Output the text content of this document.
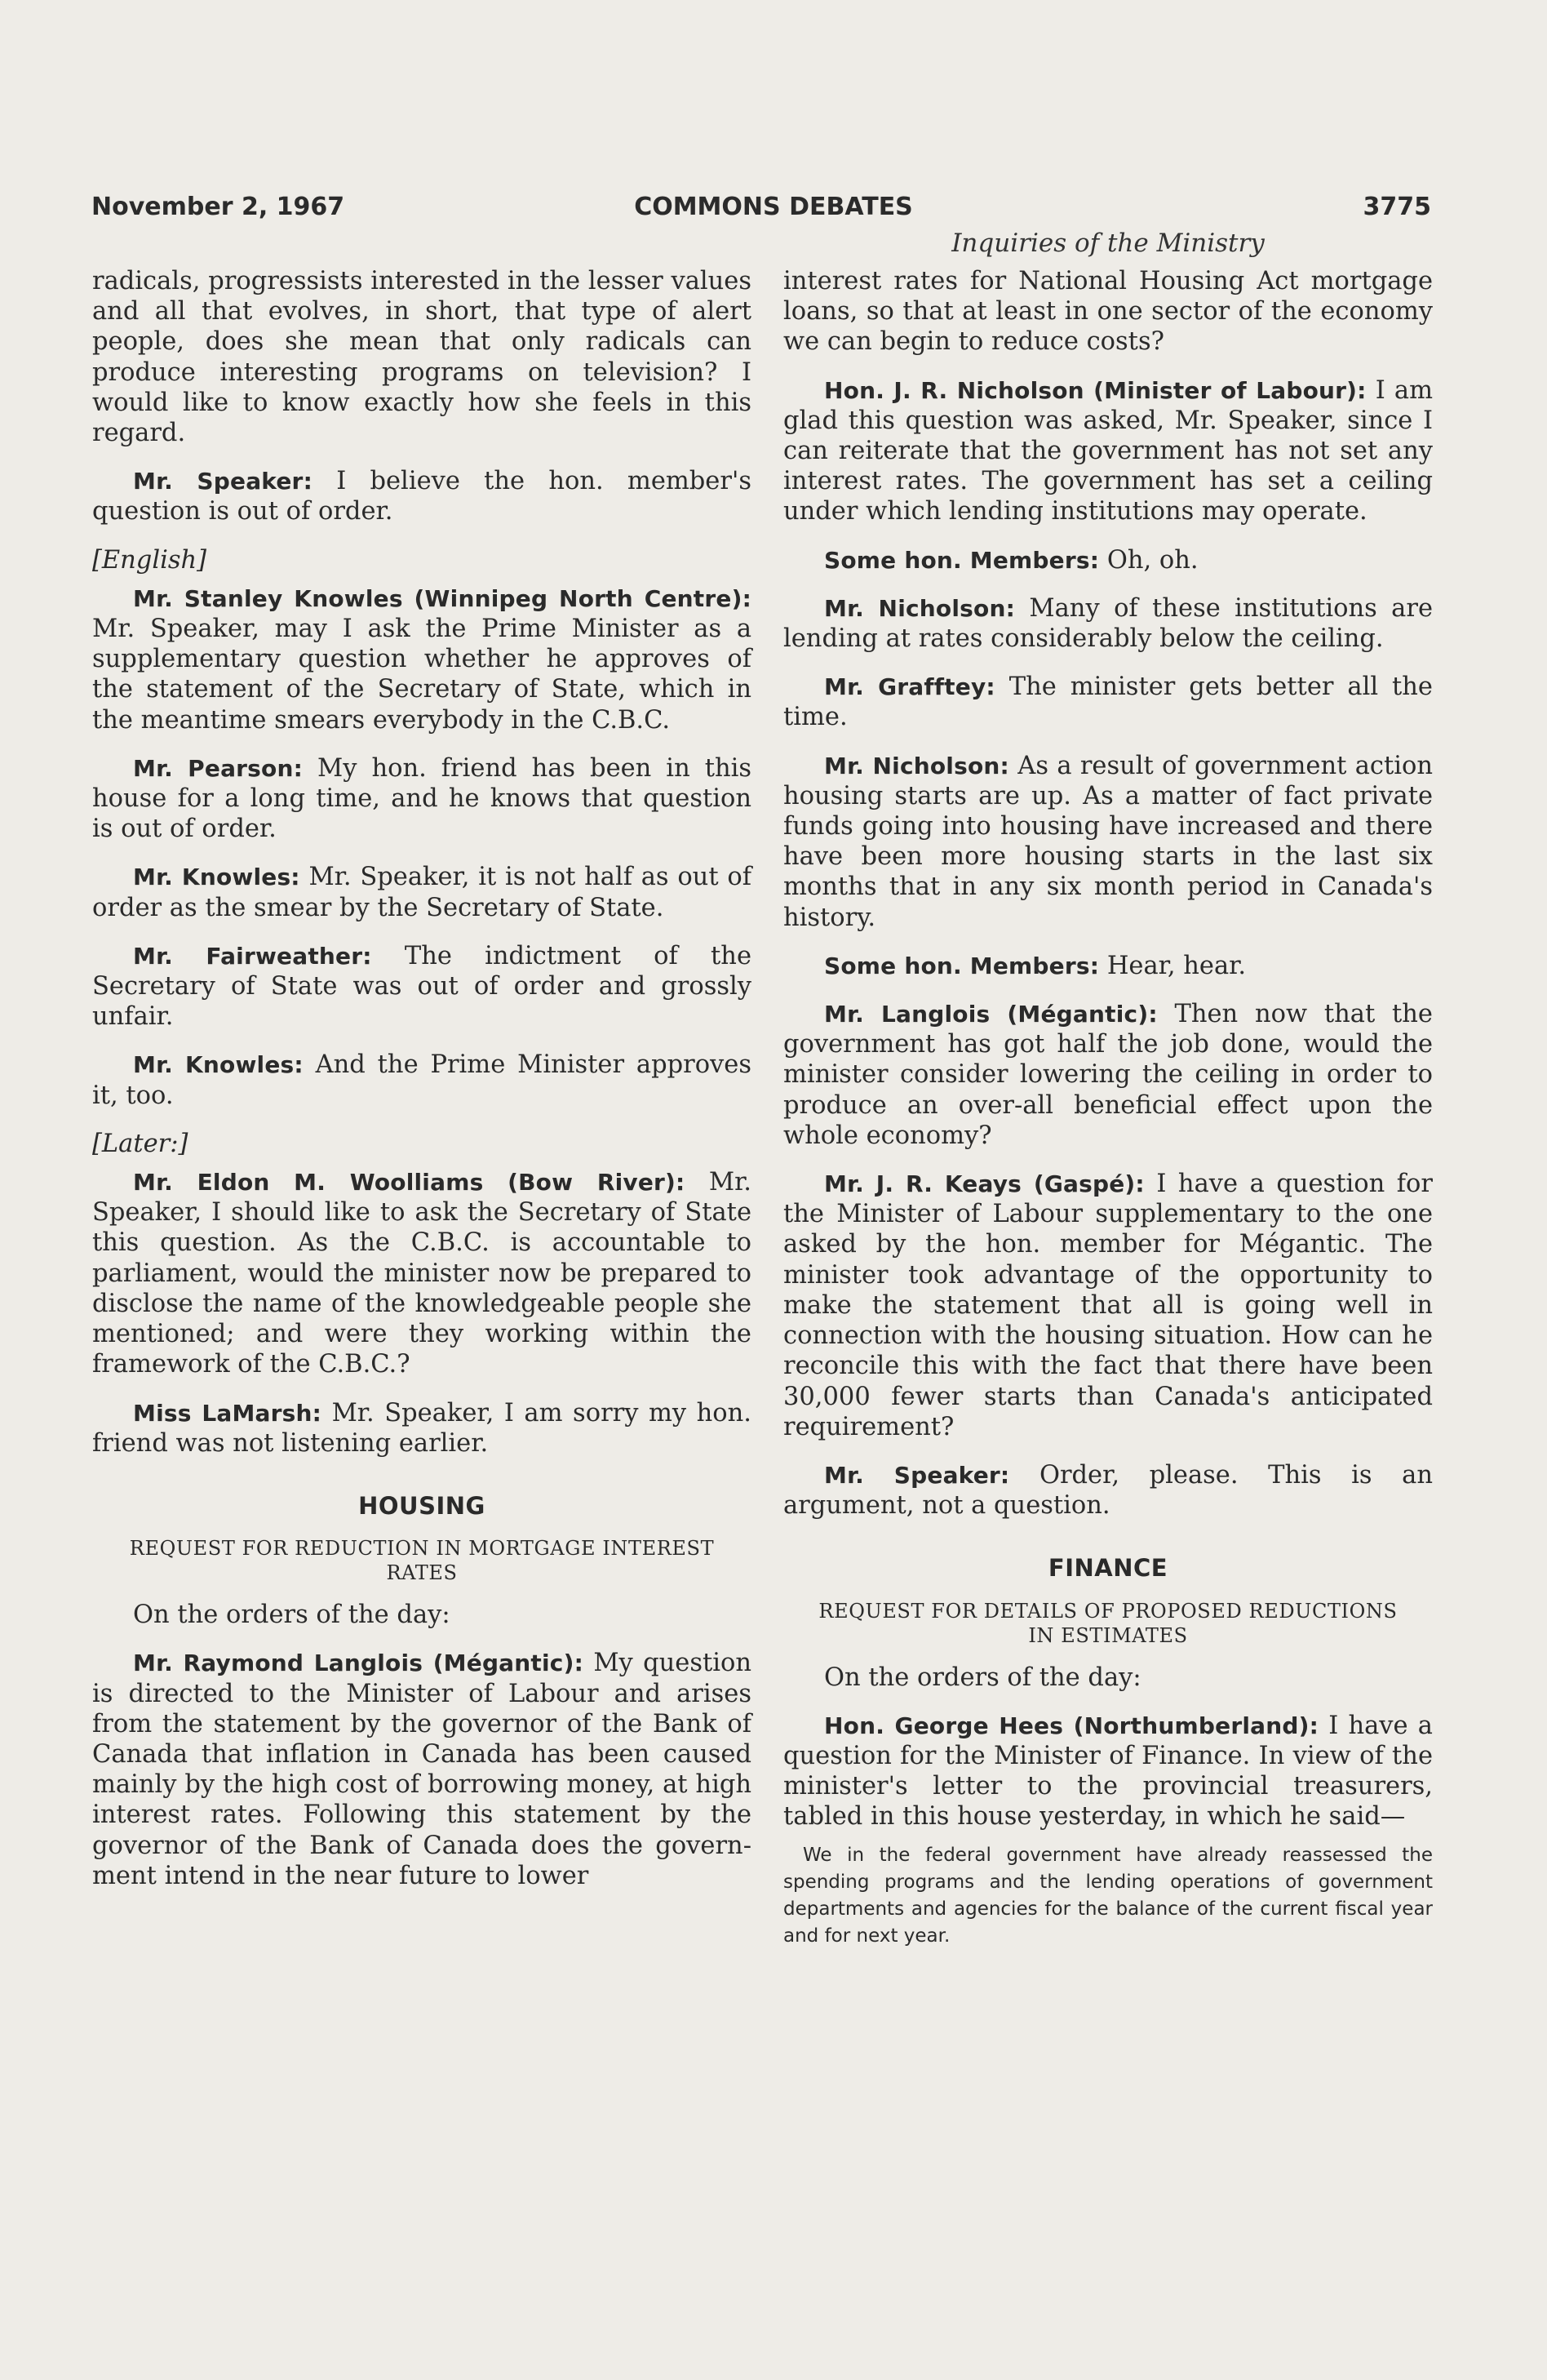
November 2, 1967	COMMONS DEBATES	3775
Inquiries of the Ministry

radicals, progressists interested in the lesser values and all that evolves, in short, that type of alert people, does she mean that only radicals can produce interesting programs on television? I would like to know exactly how she feels in this regard.

Mr. Speaker: I believe the hon. member's question is out of order.

[English]

Mr. Stanley Knowles (Winnipeg North Centre): Mr. Speaker, may I ask the Prime Minister as a supplementary question whether he approves of the statement of the Secretary of State, which in the meantime smears everybody in the C.B.C.

Mr. Pearson: My hon. friend has been in this house for a long time, and he knows that question is out of order.

Mr. Knowles: Mr. Speaker, it is not half as out of order as the smear by the Secretary of State.

Mr. Fairweather: The indictment of the Secretary of State was out of order and grossly unfair.

Mr. Knowles: And the Prime Minister approves it, too.

[Later:]

Mr. Eldon M. Woolliams (Bow River): Mr. Speaker, I should like to ask the Secretary of State this question. As the C.B.C. is accountable to parliament, would the minister now be prepared to disclose the name of the knowledgeable people she mentioned; and were they working within the framework of the C.B.C.?

Miss LaMarsh: Mr. Speaker, I am sorry my hon. friend was not listening earlier.

HOUSING

REQUEST FOR REDUCTION IN MORTGAGE INTEREST RATES

On the orders of the day:

Mr. Raymond Langlois (Mégantic): My question is directed to the Minister of Labour and arises from the statement by the governor of the Bank of Canada that inflation in Canada has been caused mainly by the high cost of borrowing money, at high interest rates. Following this statement by the governor of the Bank of Canada does the government intend in the near future to lower

interest rates for National Housing Act mortgage loans, so that at least in one sector of the economy we can begin to reduce costs?

Hon. J. R. Nicholson (Minister of Labour): I am glad this question was asked, Mr. Speaker, since I can reiterate that the government has not set any interest rates. The government has set a ceiling under which lending institutions may operate.

Some hon. Members: Oh, oh.

Mr. Nicholson: Many of these institutions are lending at rates considerably below the ceiling.

Mr. Grafftey: The minister gets better all the time.

Mr. Nicholson: As a result of government action housing starts are up. As a matter of fact private funds going into housing have increased and there have been more housing starts in the last six months that in any six month period in Canada's history.

Some hon. Members: Hear, hear.

Mr. Langlois (Mégantic): Then now that the government has got half the job done, would the minister consider lowering the ceiling in order to produce an over-all beneficial effect upon the whole economy?

Mr. J. R. Keays (Gaspé): I have a question for the Minister of Labour supplementary to the one asked by the hon. member for Mégantic. The minister took advantage of the opportunity to make the statement that all is going well in connection with the housing situation. How can he reconcile this with the fact that there have been 30,000 fewer starts than Canada's anticipated requirement?

Mr. Speaker: Order, please. This is an argument, not a question.

FINANCE

REQUEST FOR DETAILS OF PROPOSED REDUCTIONS IN ESTIMATES

On the orders of the day:

Hon. George Hees (Northumberland): I have a question for the Minister of Finance. In view of the minister's letter to the provincial treasurers, tabled in this house yesterday, in which he said—

We in the federal government have already reassessed the spending programs and the lending operations of government departments and agencies for the balance of the current fiscal year and for next year.
